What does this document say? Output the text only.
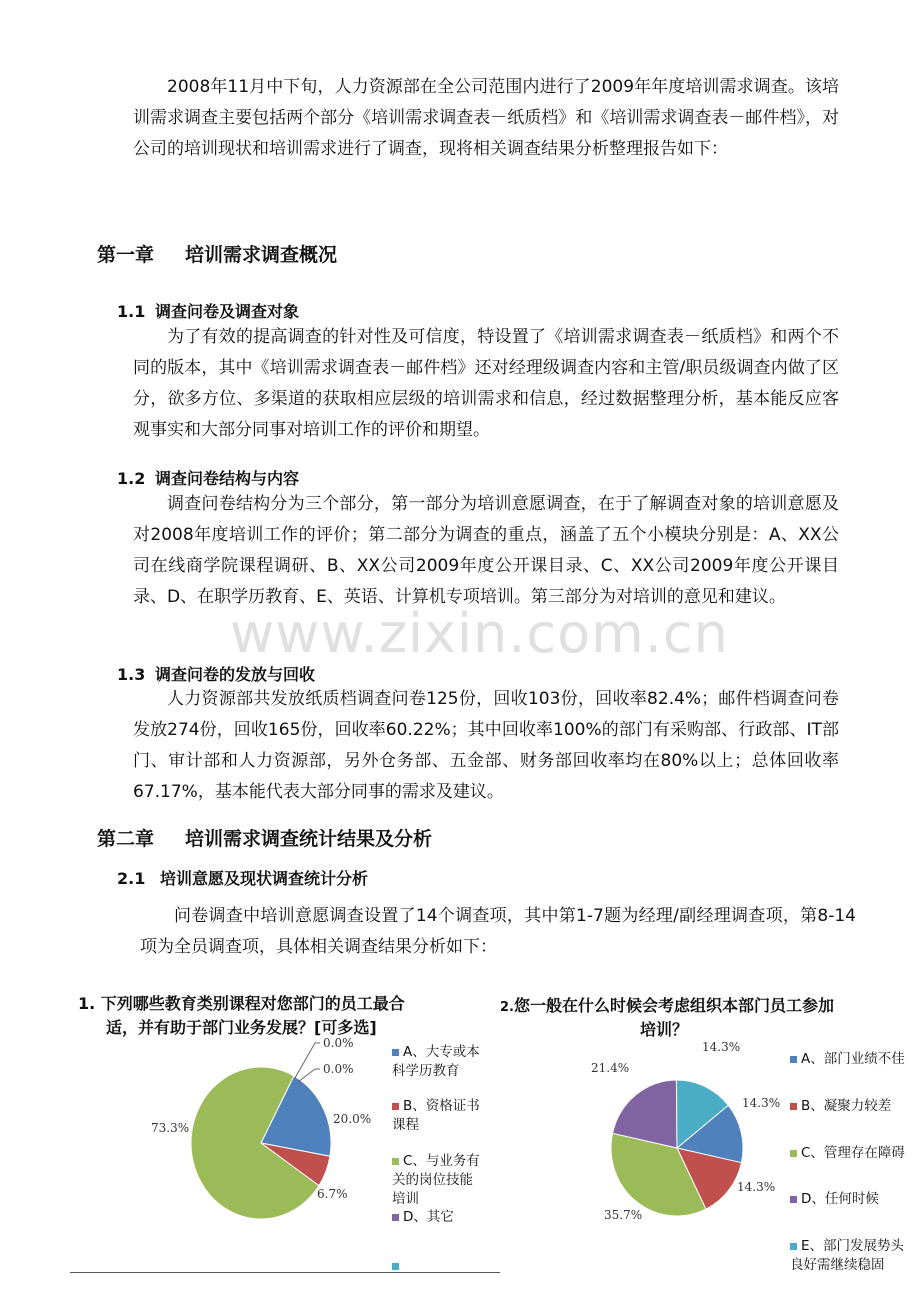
2008年11月中下旬，人力资源部在全公司范围内进行了2009年年度培训需求调查。该培训需求调查主要包括两个部分《培训需求调查表－纸质档》和《培训需求调查表－邮件档》，对公司的培训现状和培训需求进行了调查，现将相关调查结果分析整理报告如下：

第一章 培训需求调查概况
1.1 调查问卷及调查对象

为了有效的提高调查的针对性及可信度，特设置了《培训需求调查表－纸质档》和两个不同的版本，其中《培训需求调查表－邮件档》还对经理级调查内容和主管/职员级调查内做了区分，欲多方位、多渠道的获取相应层级的培训需求和信息，经过数据整理分析，基本能反应客观事实和大部分同事对培训工作的评价和期望。

1.2 调查问卷结构与内容

调查问卷结构分为三个部分，第一部分为培训意愿调查，在于了解调查对象的培训意愿及对2008年度培训工作的评价；第二部分为调查的重点，涵盖了五个小模块分别是：A、XX公司在线商学院课程调研、B、XX公司2009年度公开课目录、C、XX公司2009年度公开课目录、D、在职学历教育、E、英语、计算机专项培训。第三部分为对培训的意见和建议。

www.zixin.com.cn
1.3 调查问卷的发放与回收

人力资源部共发放纸质档调查问卷125份，回收103份，回收率82.4%；邮件档调查问卷发放274份，回收165份，回收率60.22%；其中回收率100%的部门有采购部、行政部、IT部门、审计部和人力资源部，另外仓务部、五金部、财务部回收率均在80%以上；总体回收率67.17%，基本能代表大部分同事的需求及建议。

第二章 培训需求调查统计结果及分析
2.1 培训意愿及现状调查统计分析

问卷调查中培训意愿调查设置了14个调查项，其中第1-7题为经理/副经理调查项，第8-14项为全员调查项，具体相关调查结果分析如下：

1. 下列哪些教育类别课程对您部门的员工最合

适，并有助于部门业务发展？[可多选]

20.0%
6.7%
73.3%
0.0%
0.0%
A、大专或本
科学历教育
B、资格证书
课程
C、与业务有
关的岗位技能
培训
D、其它

2.您一般在什么时候会考虑组织本部门员工参加

培训？

14.3%
14.3%
35.7%
21.4%
14.3%
A、部门业绩不佳
B、凝聚力较差
C、管理存在障碍
D、任何时候
E、部门发展势头
良好需继续稳固
